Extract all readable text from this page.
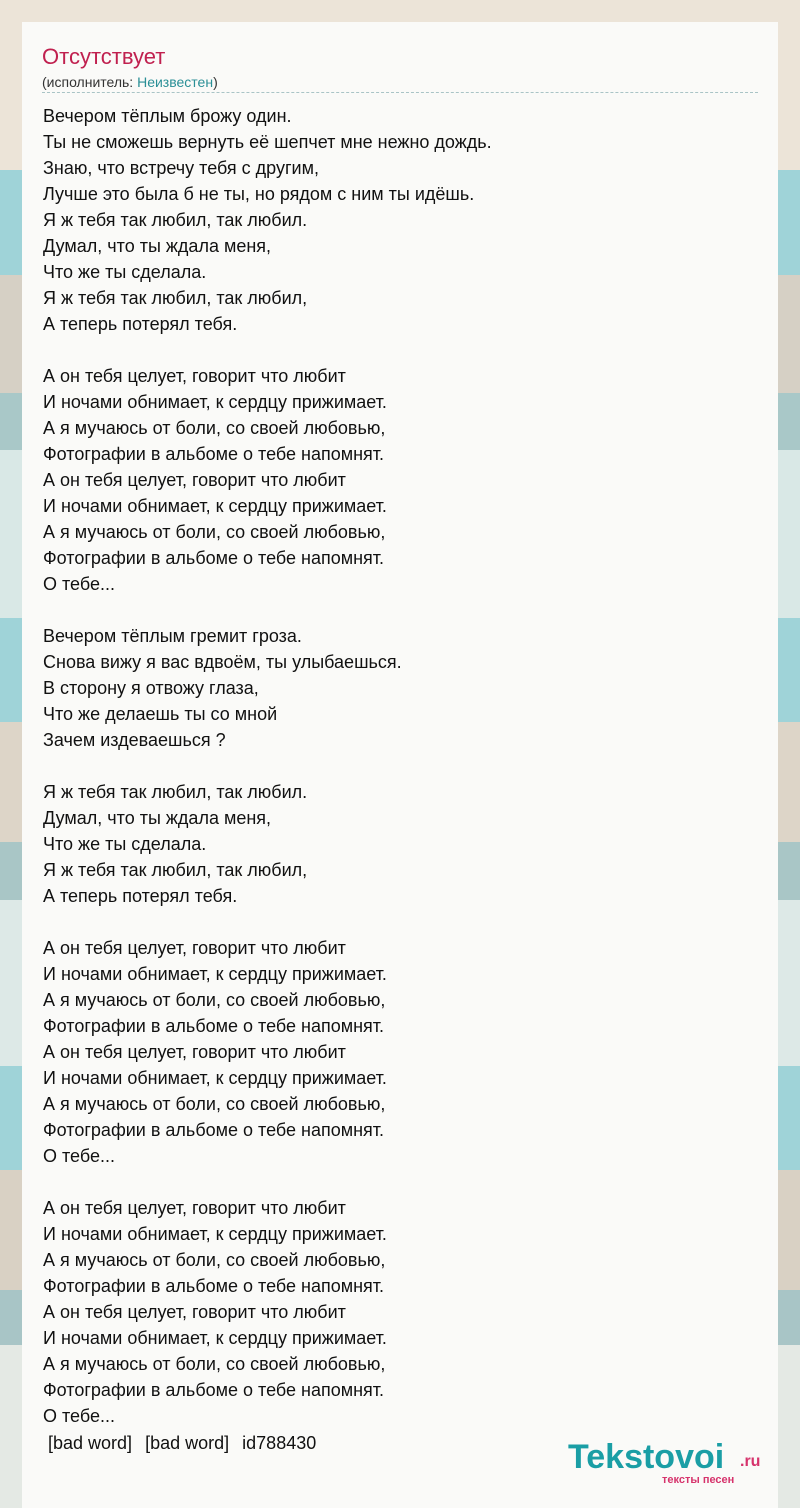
Отсутствует
(исполнитель: Неизвестен)
Вечером тёплым брожу один.
Ты не сможешь вернуть её шепчет мне нежно дождь.
Знаю, что встречу тебя с другим,
Лучше это была б не ты, но рядом с ним ты идёшь.
Я ж тебя так любил, так любил.
Думал, что ты ждала меня,
Что же ты сделала.
Я ж тебя так любил, так любил,
А теперь потерял тебя.
А он тебя целует, говорит что любит
И ночами обнимает, к сердцу прижимает.
А я мучаюсь от боли, со своей любовью,
Фотографии в альбоме о тебе напомнят.
А он тебя целует, говорит что любит
И ночами обнимает, к сердцу прижимает.
А я мучаюсь от боли, со своей любовью,
Фотографии в альбоме о тебе напомнят.
О тебе...
Вечером тёплым гремит гроза.
Снова вижу я вас вдвоём, ты улыбаешься.
В сторону я отвожу глаза,
Что же делаешь ты со мной
Зачем издеваешься ?
Я ж тебя так любил, так любил.
Думал, что ты ждала меня,
Что же ты сделала.
Я ж тебя так любил, так любил,
А теперь потерял тебя.
А он тебя целует, говорит что любит
И ночами обнимает, к сердцу прижимает.
А я мучаюсь от боли, со своей любовью,
Фотографии в альбоме о тебе напомнят.
А он тебя целует, говорит что любит
И ночами обнимает, к сердцу прижимает.
А я мучаюсь от боли, со своей любовью,
Фотографии в альбоме о тебе напомнят.
О тебе...
А он тебя целует, говорит что любит
И ночами обнимает, к сердцу прижимает.
А я мучаюсь от боли, со своей любовью,
Фотографии в альбоме о тебе напомнят.
А он тебя целует, говорит что любит
И ночами обнимает, к сердцу прижимает.
А я мучаюсь от боли, со своей любовью,
Фотографии в альбоме о тебе напомнят.
О тебе...
[bad word] [bad word] id788430	Tekstovoi .ru
тексты песен
